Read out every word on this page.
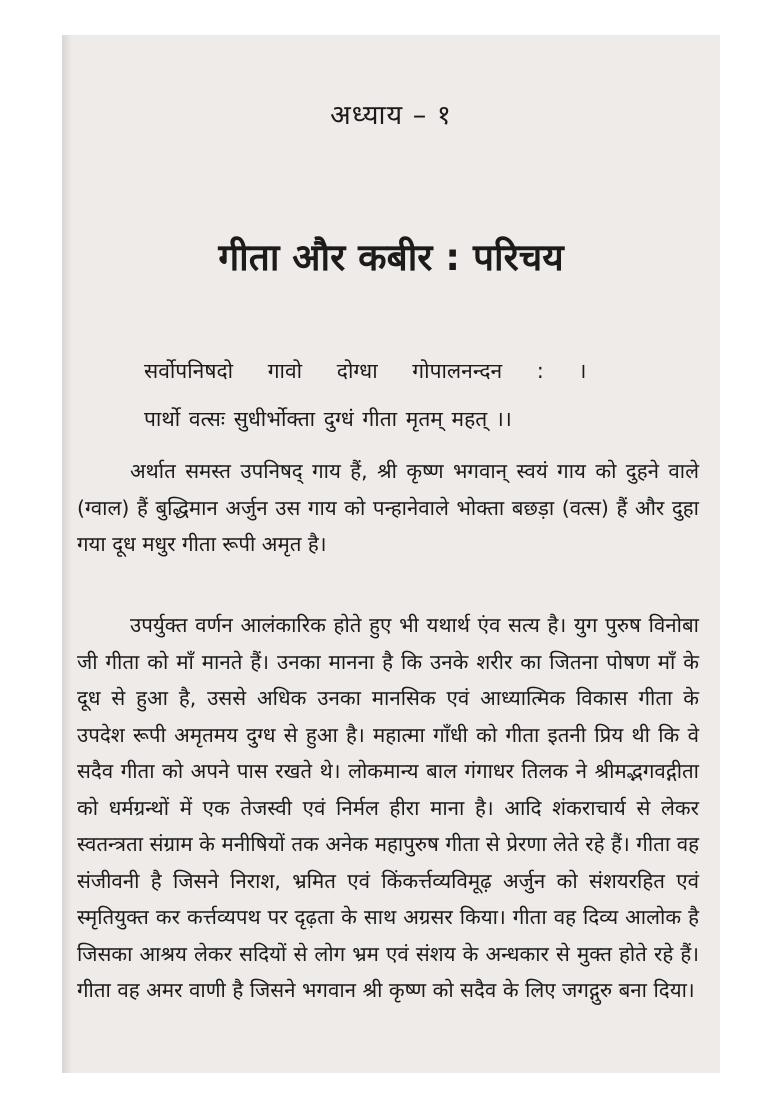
अध्याय – १
गीता और कबीर : परिचय
सर्वोपनिषदो गावो दोग्धा गोपालनन्दन : ।
पार्थो वत्सः सुधीर्भोक्ता दुग्धं गीता मृतम् महत् ।।

अर्थात समस्त उपनिषद् गाय हैं, श्री कृष्ण भगवान् स्वयं गाय को दुहने वाले (ग्वाल) हैं बुद्धिमान अर्जुन उस गाय को पन्हानेवाले भोक्ता बछड़ा (वत्स) हैं और दुहा गया दूध मधुर गीता रूपी अमृत है।

उपर्युक्त वर्णन आलंकारिक होते हुए भी यथार्थ एंव सत्य है। युग पुरुष विनोबा जी गीता को माँ मानते हैं। उनका मानना है कि उनके शरीर का जितना पोषण माँ के दूध से हुआ है, उससे अधिक उनका मानसिक एवं आध्यात्मिक विकास गीता के उपदेश रूपी अमृतमय दुग्ध से हुआ है। महात्मा गाँधी को गीता इतनी प्रिय थी कि वे सदैव गीता को अपने पास रखते थे। लोकमान्य बाल गंगाधर तिलक ने श्रीमद्भगवद्गीता को धर्मग्रन्थों में एक तेजस्वी एवं निर्मल हीरा माना है। आदि शंकराचार्य से लेकर स्वतन्त्रता संग्राम के मनीषियों तक अनेक महापुरुष गीता से प्रेरणा लेते रहे हैं। गीता वह संजीवनी है जिसने निराश, भ्रमित एवं किंकर्त्तव्यविमूढ़ अर्जुन को संशयरहित एवं स्मृतियुक्त कर कर्त्तव्यपथ पर दृढ़ता के साथ अग्रसर किया। गीता वह दिव्य आलोक है जिसका आश्रय लेकर सदियों से लोग भ्रम एवं संशय के अन्धकार से मुक्त होते रहे हैं। गीता वह अमर वाणी है जिसने भगवान श्री कृष्ण को सदैव के लिए जगद्गुरु बना दिया।
